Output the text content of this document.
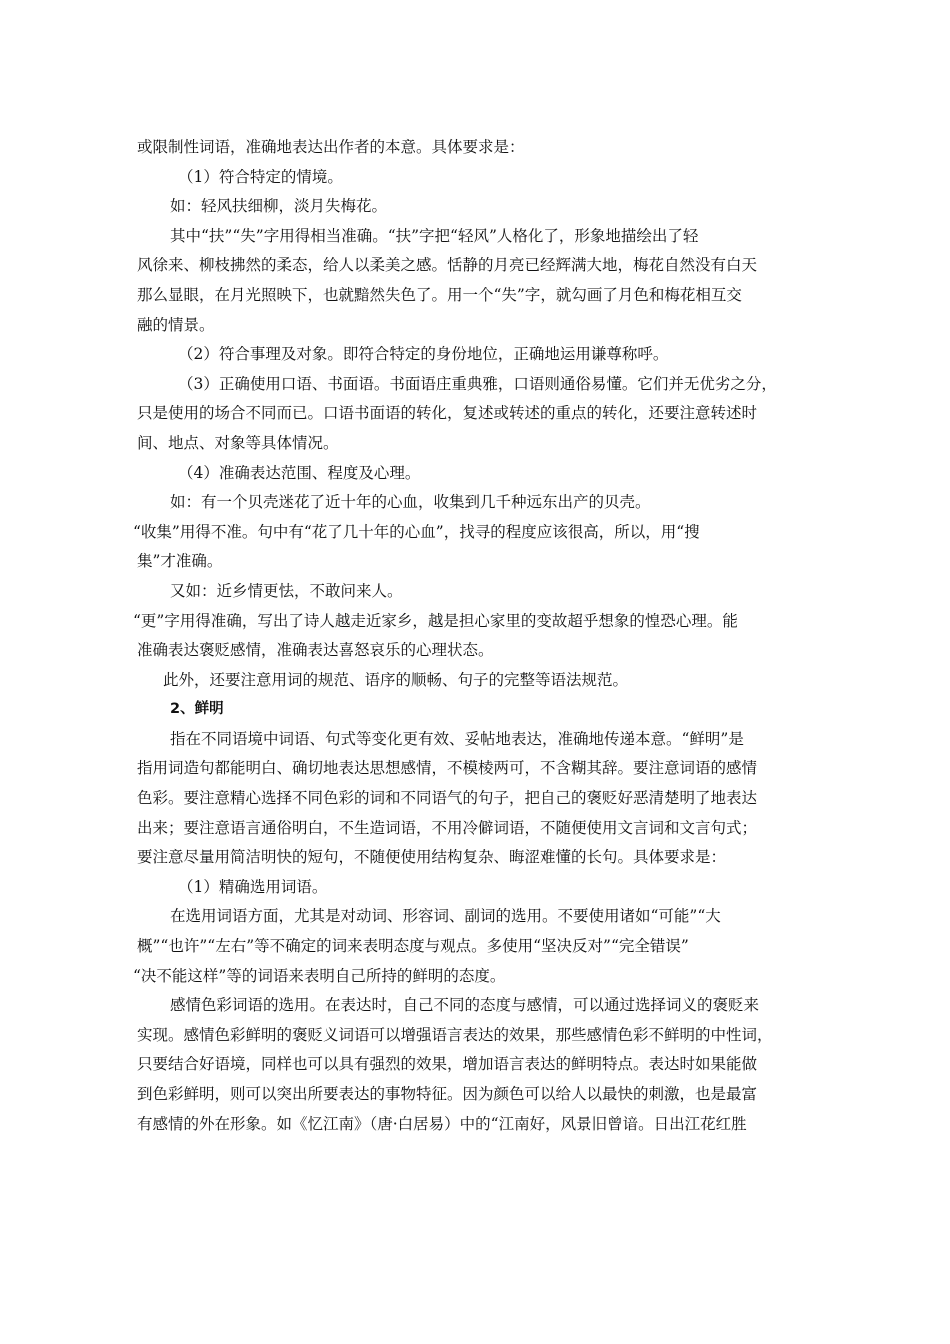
或限制性词语，准确地表达出作者的本意。具体要求是：
（1）符合特定的情境。
如：轻风扶细柳，淡月失梅花。
其中“扶”“失”字用得相当准确。“扶”字把“轻风”人格化了，形象地描绘出了轻
风徐来、柳枝拂然的柔态，给人以柔美之感。恬静的月亮已经辉满大地，梅花自然没有白天
那么显眼，在月光照映下，也就黯然失色了。用一个“失”字，就勾画了月色和梅花相互交
融的情景。
（2）符合事理及对象。即符合特定的身份地位，正确地运用谦尊称呼。
（3）正确使用口语、书面语。书面语庄重典雅，口语则通俗易懂。它们并无优劣之分，
只是使用的场合不同而已。口语书面语的转化，复述或转述的重点的转化，还要注意转述时
间、地点、对象等具体情况。
（4）准确表达范围、程度及心理。
如：有一个贝壳迷花了近十年的心血，收集到几千种远东出产的贝壳。
“收集”用得不准。句中有“花了几十年的心血”，找寻的程度应该很高，所以，用“搜
集”才准确。
又如：近乡情更怯，不敢问来人。
“更”字用得准确，写出了诗人越走近家乡，越是担心家里的变故超乎想象的惶恐心理。能
准确表达褒贬感情，准确表达喜怒哀乐的心理状态。
此外，还要注意用词的规范、语序的顺畅、句子的完整等语法规范。
2、鲜明
指在不同语境中词语、句式等变化更有效、妥帖地表达，准确地传递本意。“鲜明”是
指用词造句都能明白、确切地表达思想感情，不模棱两可，不含糊其辞。要注意词语的感情
色彩。要注意精心选择不同色彩的词和不同语气的句子，把自己的褒贬好恶清楚明了地表达
出来；要注意语言通俗明白，不生造词语，不用冷僻词语，不随便使用文言词和文言句式；
要注意尽量用简洁明快的短句，不随便使用结构复杂、晦涩难懂的长句。具体要求是：
（1）精确选用词语。
在选用词语方面，尤其是对动词、形容词、副词的选用。不要使用诸如“可能”“大
概”“也许”“左右”等不确定的词来表明态度与观点。多使用“坚决反对”“完全错误”
“决不能这样”等的词语来表明自己所持的鲜明的态度。
感情色彩词语的选用。在表达时，自己不同的态度与感情，可以通过选择词义的褒贬来
实现。感情色彩鲜明的褒贬义词语可以增强语言表达的效果，那些感情色彩不鲜明的中性词，
只要结合好语境，同样也可以具有强烈的效果，增加语言表达的鲜明特点。表达时如果能做
到色彩鲜明，则可以突出所要表达的事物特征。因为颜色可以给人以最快的刺激，也是最富
有感情的外在形象。如《忆江南》（唐·白居易）中的“江南好，风景旧曾谙。日出江花红胜
